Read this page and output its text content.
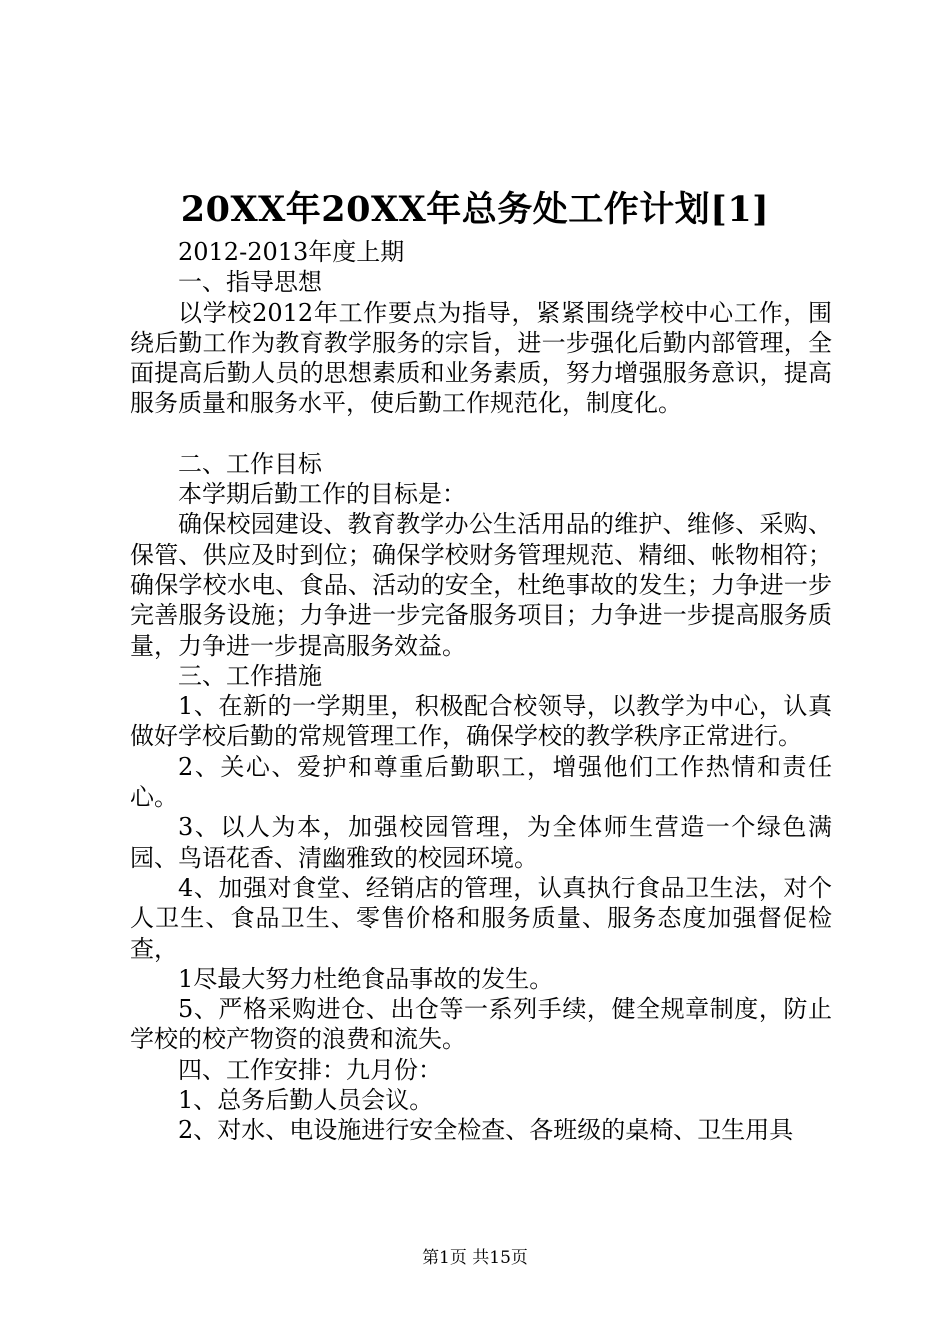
20XX年20XX年总务处工作计划[1]

2012-2013年度上期

一、指导思想

以学校2012年工作要点为指导，紧紧围绕学校中心工作，围绕后勤工作为教育教学服务的宗旨，进一步强化后勤内部管理，全面提高后勤人员的思想素质和业务素质，努力增强服务意识，提高服务质量和服务水平，使后勤工作规范化，制度化。

二、工作目标

本学期后勤工作的目标是：

确保校园建设、教育教学办公生活用品的维护、维修、采购、保管、供应及时到位；确保学校财务管理规范、精细、帐物相符；确保学校水电、食品、活动的安全，杜绝事故的发生；力争进一步完善服务设施；力争进一步完备服务项目；力争进一步提高服务质量，力争进一步提高服务效益。

三、工作措施

1、在新的一学期里，积极配合校领导，以教学为中心，认真做好学校后勤的常规管理工作，确保学校的教学秩序正常进行。

2、关心、爱护和尊重后勤职工，增强他们工作热情和责任心。

3、以人为本，加强校园管理，为全体师生营造一个绿色满园、鸟语花香、清幽雅致的校园环境。

4、加强对食堂、经销店的管理，认真执行食品卫生法，对个人卫生、食品卫生、零售价格和服务质量、服务态度加强督促检查，

1尽最大努力杜绝食品事故的发生。

5、严格采购进仓、出仓等一系列手续，健全规章制度，防止学校的校产物资的浪费和流失。

四、工作安排：九月份：

1、总务后勤人员会议。

2、对水、电设施进行安全检查、各班级的桌椅、卫生用具

第1页 共15页
